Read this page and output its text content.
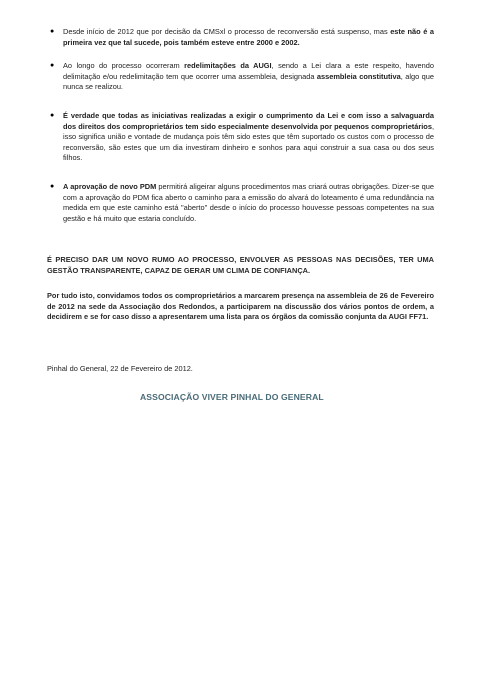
● Desde início de 2012 que por decisão da CMSxl o processo de reconversão está suspenso, mas este não é a primeira vez que tal sucede, pois também esteve entre 2000 e 2002.
● Ao longo do processo ocorreram redelimitações da AUGI, sendo a Lei clara a este respeito, havendo delimitação e/ou redelimitação tem que ocorrer uma assembleia, designada assembleia constitutiva, algo que nunca se realizou.
● É verdade que todas as iniciativas realizadas a exigir o cumprimento da Lei e com isso a salvaguarda dos direitos dos comproprietários tem sido especialmente desenvolvida por pequenos comproprietários, isso significa união e vontade de mudança pois têm sido estes que têm suportado os custos com o processo de reconversão, são estes que um dia investiram dinheiro e sonhos para aqui construir a sua casa ou dos seus filhos.
● A aprovação de novo PDM permitirá aligeirar alguns procedimentos mas criará outras obrigações. Dizer-se que com a aprovação do PDM fica aberto o caminho para a emissão do alvará do loteamento é uma redundância na medida em que este caminho está "aberto" desde o início do processo houvesse pessoas competentes na sua gestão e há muito que estaria concluído.
É PRECISO DAR UM NOVO RUMO AO PROCESSO, ENVOLVER AS PESSOAS NAS DECISÕES, TER UMA GESTÃO TRANSPARENTE, CAPAZ DE GERAR UM CLIMA DE CONFIANÇA.
Por tudo isto, convidamos todos os comproprietários a marcarem presença na assembleia de 26 de Fevereiro de 2012 na sede da Associação dos Redondos, a participarem na discussão dos vários pontos de ordem, a decidirem e se for caso disso a apresentarem uma lista para os órgãos da comissão conjunta da AUGI FF71.
Pinhal do General, 22 de Fevereiro de 2012.
ASSOCIAÇÃO VIVER PINHAL DO GENERAL
